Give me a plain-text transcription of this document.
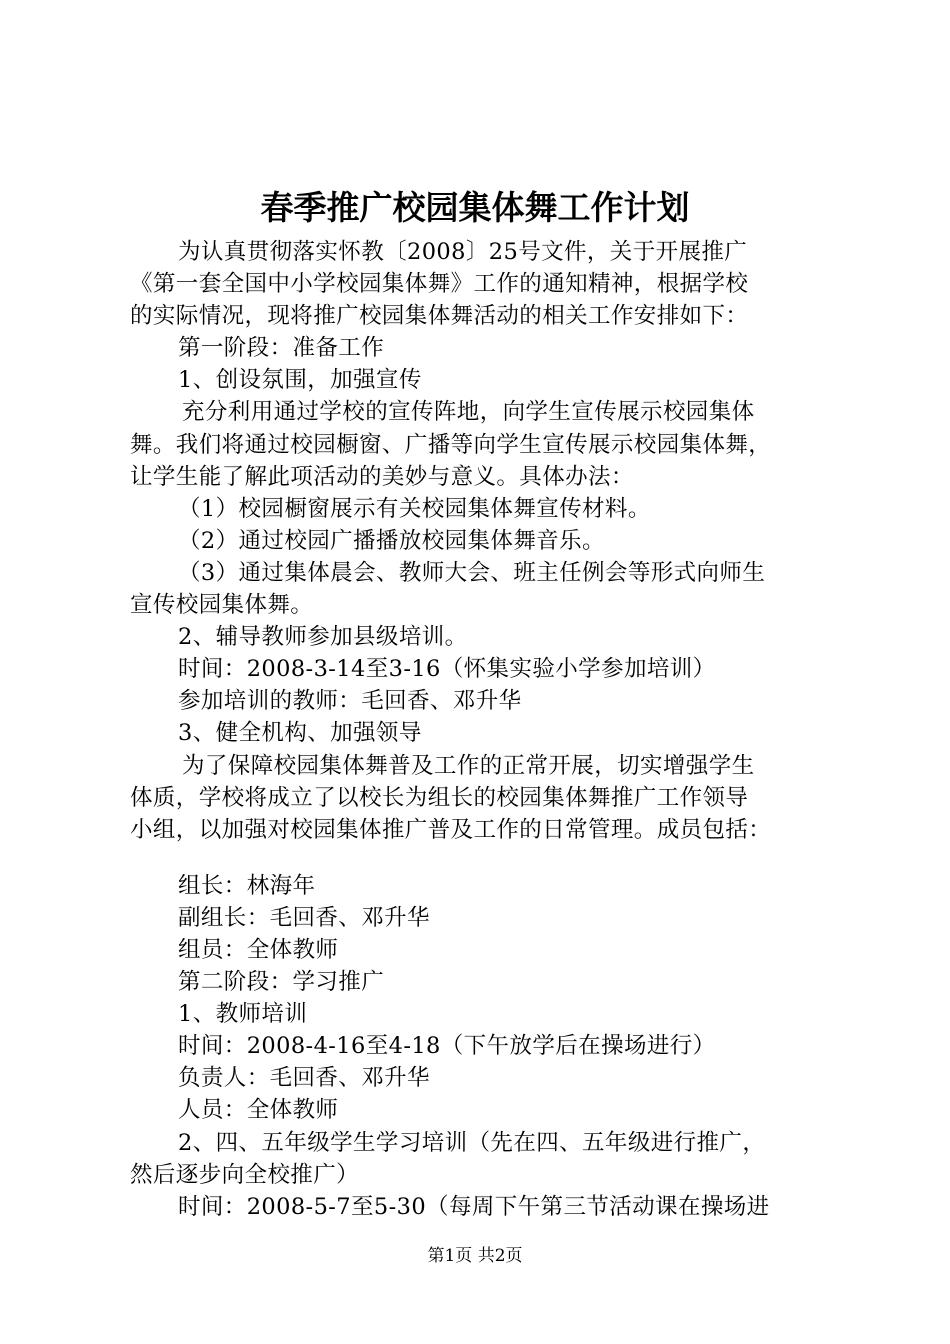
春季推广校园集体舞工作计划
为认真贯彻落实怀教〔2008〕25号文件，关于开展推广
《第一套全国中小学校园集体舞》工作的通知精神，根据学校
的实际情况，现将推广校园集体舞活动的相关工作安排如下：
第一阶段：准备工作
1、创设氛围，加强宣传
充分利用通过学校的宣传阵地，向学生宣传展示校园集体
舞。我们将通过校园橱窗、广播等向学生宣传展示校园集体舞，
让学生能了解此项活动的美妙与意义。具体办法：
（1）校园橱窗展示有关校园集体舞宣传材料。
（2）通过校园广播播放校园集体舞音乐。
（3）通过集体晨会、教师大会、班主任例会等形式向师生
宣传校园集体舞。
2、辅导教师参加县级培训。
时间：2008-3-14至3-16（怀集实验小学参加培训）
参加培训的教师：毛回香、邓升华
3、健全机构、加强领导
为了保障校园集体舞普及工作的正常开展，切实增强学生
体质，学校将成立了以校长为组长的校园集体舞推广工作领导
小组，以加强对校园集体推广普及工作的日常管理。成员包括：
组长：林海年
副组长：毛回香、邓升华
组员：全体教师
第二阶段：学习推广
1、教师培训
时间：2008-4-16至4-18（下午放学后在操场进行）
负责人：毛回香、邓升华
人员：全体教师
2、四、五年级学生学习培训（先在四、五年级进行推广，
然后逐步向全校推广）
时间：2008-5-7至5-30（每周下午第三节活动课在操场进
第1页 共2页
